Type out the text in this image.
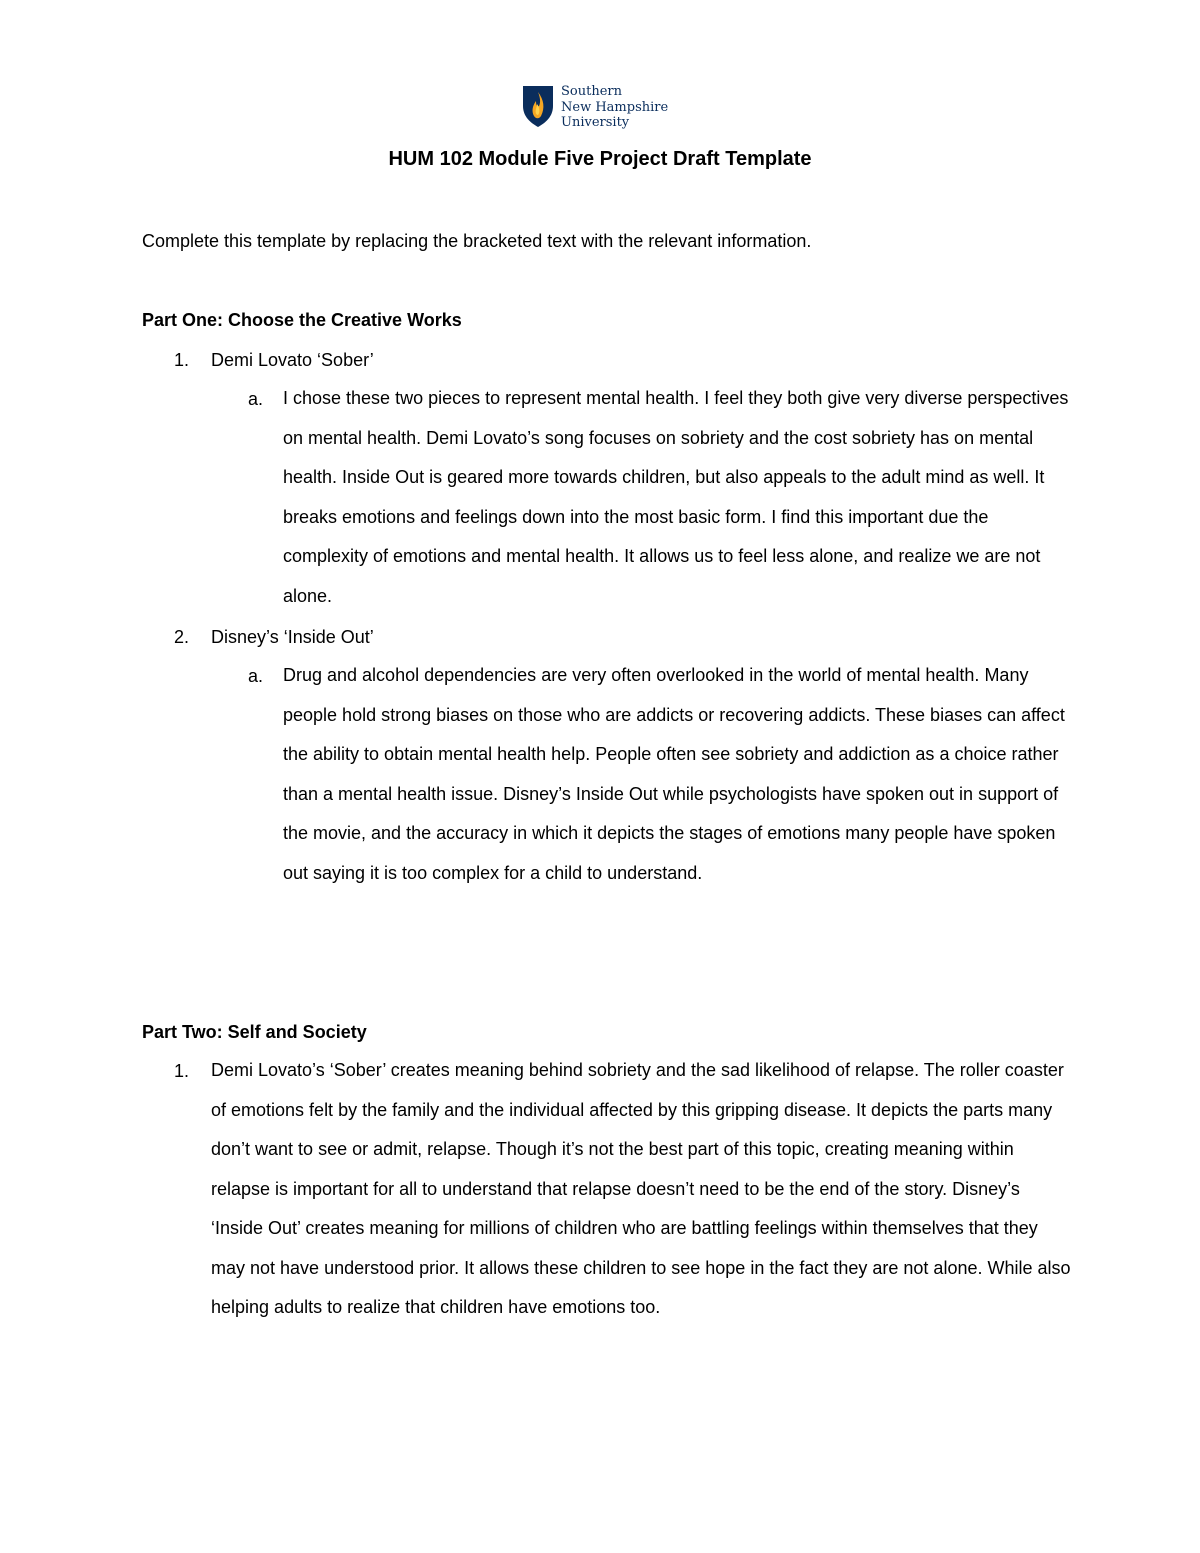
Southern
New Hampshire
University
HUM 102 Module Five Project Draft Template
Complete this template by replacing the bracketed text with the relevant information.
Part One: Choose the Creative Works
1. Demi Lovato ‘Sober’
a. I chose these two pieces to represent mental health. I feel they both give very diverse perspectives on mental health. Demi Lovato’s song focuses on sobriety and the cost sobriety has on mental health. Inside Out is geared more towards children, but also appeals to the adult mind as well. It breaks emotions and feelings down into the most basic form. I find this important due the complexity of emotions and mental health. It allows us to feel less alone, and realize we are not alone.
2. Disney’s ‘Inside Out’
a. Drug and alcohol dependencies are very often overlooked in the world of mental health. Many people hold strong biases on those who are addicts or recovering addicts. These biases can affect the ability to obtain mental health help. People often see sobriety and addiction as a choice rather than a mental health issue. Disney’s Inside Out while psychologists have spoken out in support of the movie, and the accuracy in which it depicts the stages of emotions many people have spoken out saying it is too complex for a child to understand.
Part Two: Self and Society
1. Demi Lovato’s ‘Sober’ creates meaning behind sobriety and the sad likelihood of relapse. The roller coaster of emotions felt by the family and the individual affected by this gripping disease. It depicts the parts many don’t want to see or admit, relapse. Though it’s not the best part of this topic, creating meaning within relapse is important for all to understand that relapse doesn’t need to be the end of the story. Disney’s ‘Inside Out’ creates meaning for millions of children who are battling feelings within themselves that they may not have understood prior. It allows these children to see hope in the fact they are not alone. While also helping adults to realize that children have emotions too.
